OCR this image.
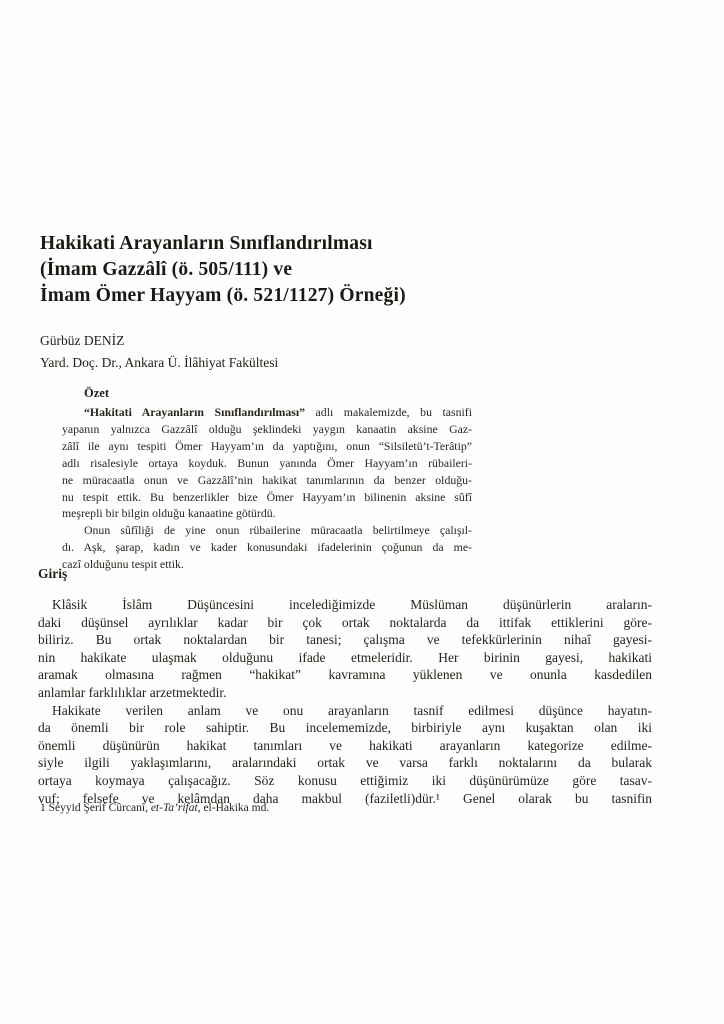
Hakikati Arayanların Sınıflandırılması
(İmam Gazzâlî (ö. 505/111) ve
İmam Ömer Hayyam (ö. 521/1127) Örneği)
Gürbüz DENİZ
Yard. Doç. Dr., Ankara Ü. İlâhiyat Fakültesi
Özet
“Hakitati Arayanların Sınıflandırılması” adlı makalemizde, bu tasnifi
yapanın yalnızca Gazzâlî olduğu şeklindeki yaygın kanaatin aksine Gaz-
zâlî ile aynı tespiti Ömer Hayyam’ın da yaptığını, onun “Silsiletü’t-Terâtip”
adlı risalesiyle ortaya koyduk. Bunun yanında Ömer Hayyam’ın rübaileri-
ne müracaatla onun ve Gazzâlî’nin hakikat tanımlarının da benzer olduğu-
nu tespit ettik. Bu benzerlikler bize Ömer Hayyam’ın bilinenin aksine sûfî
meşrepli bir bilgin olduğu kanaatine götürdü.
Onun sûfîliği de yine onun rübailerine müracaatla belirtilmeye çalışıl-
dı. Aşk, şarap, kadın ve kader konusundaki ifadelerinin çoğunun da me-
cazî olduğunu tespit ettik.
Giriş
Klâsik İslâm Düşüncesini incelediğimizde Müslüman düşünürlerin araların-
daki düşünsel ayrılıklar kadar bir çok ortak noktalarda da ittifak ettiklerini göre-
biliriz. Bu ortak noktalardan bir tanesi; çalışma ve tefekkürlerinin nihaî gayesi-
nin hakikate ulaşmak olduğunu ifade etmeleridir. Her birinin gayesi, hakikati
aramak olmasına rağmen “hakikat” kavramına yüklenen ve onunla kasdedilen
anlamlar farklılıklar arzetmektedir.
Hakikate verilen anlam ve onu arayanların tasnif edilmesi düşünce hayatın-
da önemli bir role sahiptir. Bu incelememizde, birbiriyle aynı kuşaktan olan iki
önemli düşünürün hakikat tanımları ve hakikati arayanların kategorize edilme-
siyle ilgili yaklaşımlarını, aralarındaki ortak ve varsa farklı noktalarını da bularak
ortaya koymaya çalışacağız. Söz konusu ettiğimiz iki düşünürümüze göre tasav-
vuf; felsefe ve kelâmdan daha makbul (faziletli)dür.¹ Genel olarak bu tasnifin
1 Seyyid Şerif Cûrcanî, et-Ta’rifat, el-Hakika md.
